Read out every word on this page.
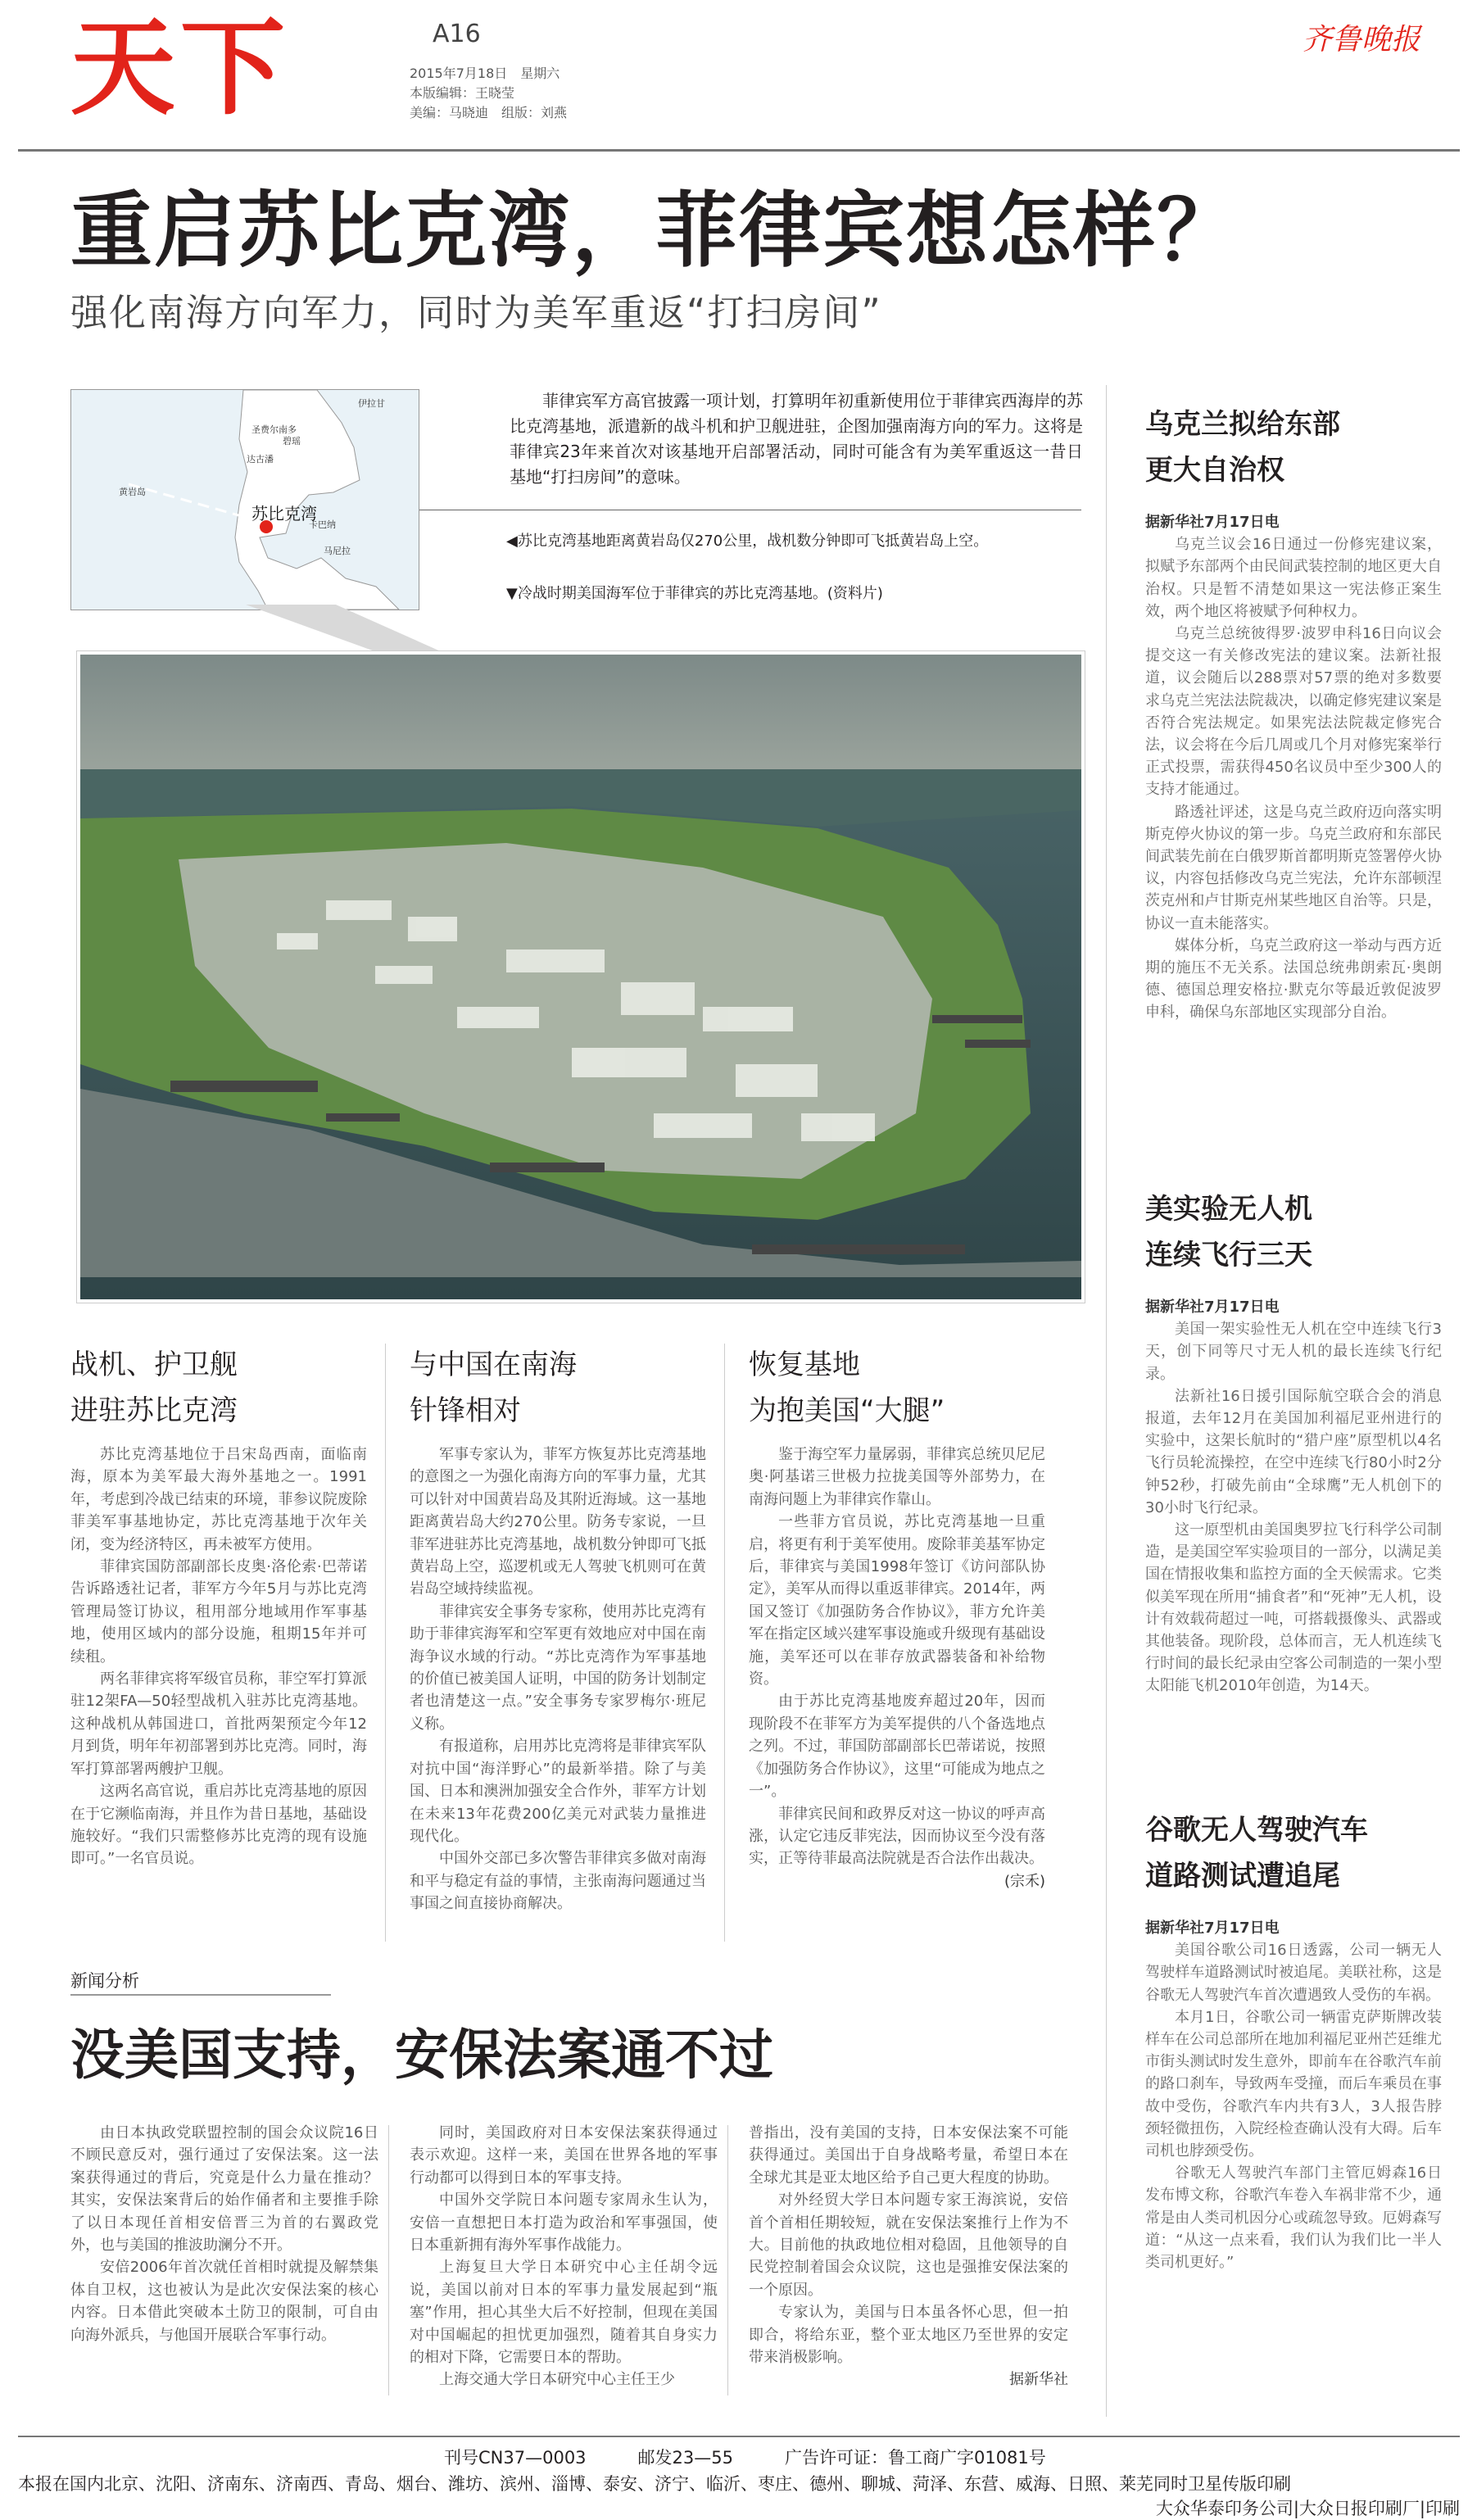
天下	A16
2015年7月18日　星期六
本版编辑：王晓莹
美编：马晓迪　组版：刘燕
齐鲁晚报
重启苏比克湾，菲律宾想怎样？
强化南海方向军力，同时为美军重返“打扫房间”
伊拉甘
圣费尔南多
碧瑶
达古潘
黄岩岛
苏比克湾
卡巴纳
马尼拉
菲律宾军方高官披露一项计划，打算明年初重新使用位于菲律宾西海岸的苏比克湾基地，派遣新的战斗机和护卫舰进驻，企图加强南海方向的军力。这将是菲律宾23年来首次对该基地开启部署活动，同时可能含有为美军重返这一昔日基地“打扫房间”的意味。
◀苏比克湾基地距离黄岩岛仅270公里，战机数分钟即可飞抵黄岩岛上空。
▼冷战时期美国海军位于菲律宾的苏比克湾基地。(资料片)
战机、护卫舰
进驻苏比克湾

苏比克湾基地位于吕宋岛西南，面临南海，原本为美军最大海外基地之一。1991年，考虑到冷战已结束的环境，菲参议院废除菲美军事基地协定，苏比克湾基地于次年关闭，变为经济特区，再未被军方使用。

菲律宾国防部副部长皮奥·洛伦索·巴蒂诺告诉路透社记者，菲军方今年5月与苏比克湾管理局签订协议，租用部分地域用作军事基地，使用区域内的部分设施，租期15年并可续租。

两名菲律宾将军级官员称，菲空军打算派驻12架FA—50轻型战机入驻苏比克湾基地。这种战机从韩国进口，首批两架预定今年12月到货，明年年初部署到苏比克湾。同时，海军打算部署两艘护卫舰。

这两名高官说，重启苏比克湾基地的原因在于它濒临南海，并且作为昔日基地，基础设施较好。“我们只需整修苏比克湾的现有设施即可。”一名官员说。

与中国在南海
针锋相对

军事专家认为，菲军方恢复苏比克湾基地的意图之一为强化南海方向的军事力量，尤其可以针对中国黄岩岛及其附近海域。这一基地距离黄岩岛大约270公里。防务专家说，一旦菲军进驻苏比克湾基地，战机数分钟即可飞抵黄岩岛上空，巡逻机或无人驾驶飞机则可在黄岩岛空域持续监视。

菲律宾安全事务专家称，使用苏比克湾有助于菲律宾海军和空军更有效地应对中国在南海争议水域的行动。“苏比克湾作为军事基地的价值已被美国人证明，中国的防务计划制定者也清楚这一点。”安全事务专家罗梅尔·班尼义称。

有报道称，启用苏比克湾将是菲律宾军队对抗中国“海洋野心”的最新举措。除了与美国、日本和澳洲加强安全合作外，菲军方计划在未来13年花费200亿美元对武装力量推进现代化。

中国外交部已多次警告菲律宾多做对南海和平与稳定有益的事情，主张南海问题通过当事国之间直接协商解决。

恢复基地
为抱美国“大腿”

鉴于海空军力量孱弱，菲律宾总统贝尼尼奥·阿基诺三世极力拉拢美国等外部势力，在南海问题上为菲律宾作靠山。

一些菲方官员说，苏比克湾基地一旦重启，将更有利于美军使用。废除菲美基军协定后，菲律宾与美国1998年签订《访问部队协定》，美军从而得以重返菲律宾。2014年，两国又签订《加强防务合作协议》，菲方允许美军在指定区域兴建军事设施或升级现有基础设施，美军还可以在菲存放武器装备和补给物资。

由于苏比克湾基地废弃超过20年，因而现阶段不在菲军方为美军提供的八个备选地点之列。不过，菲国防部副部长巴蒂诺说，按照《加强防务合作协议》，这里“可能成为地点之一”。

菲律宾民间和政界反对这一协议的呼声高涨，认定它违反菲宪法，因而协议至今没有落实，正等待菲最高法院就是否合法作出裁决。

(宗禾)
乌克兰拟给东部
更大自治权
据新华社7月17日电

乌克兰议会16日通过一份修宪建议案，拟赋予东部两个由民间武装控制的地区更大自治权。只是暂不清楚如果这一宪法修正案生效，两个地区将被赋予何种权力。

乌克兰总统彼得罗·波罗申科16日向议会提交这一有关修改宪法的建议案。法新社报道，议会随后以288票对57票的绝对多数要求乌克兰宪法法院裁决，以确定修宪建议案是否符合宪法规定。如果宪法法院裁定修宪合法，议会将在今后几周或几个月对修宪案举行正式投票，需获得450名议员中至少300人的支持才能通过。

路透社评述，这是乌克兰政府迈向落实明斯克停火协议的第一步。乌克兰政府和东部民间武装先前在白俄罗斯首都明斯克签署停火协议，内容包括修改乌克兰宪法，允许东部顿涅茨克州和卢甘斯克州某些地区自治等。只是，协议一直未能落实。

媒体分析，乌克兰政府这一举动与西方近期的施压不无关系。法国总统弗朗索瓦·奥朗德、德国总理安格拉·默克尔等最近敦促波罗申科，确保乌东部地区实现部分自治。

美实验无人机
连续飞行三天
据新华社7月17日电

美国一架实验性无人机在空中连续飞行3天，创下同等尺寸无人机的最长连续飞行纪录。

法新社16日援引国际航空联合会的消息报道，去年12月在美国加利福尼亚州进行的实验中，这架长航时的“猎户座”原型机以4名飞行员轮流操控，在空中连续飞行80小时2分钟52秒，打破先前由“全球鹰”无人机创下的30小时飞行纪录。

这一原型机由美国奥罗拉飞行科学公司制造，是美国空军实验项目的一部分，以满足美国在情报收集和监控方面的全天候需求。它类似美军现在所用“捕食者”和“死神”无人机，设计有效载荷超过一吨，可搭载摄像头、武器或其他装备。现阶段，总体而言，无人机连续飞行时间的最长纪录由空客公司制造的一架小型太阳能飞机2010年创造，为14天。

谷歌无人驾驶汽车
道路测试遭追尾
据新华社7月17日电

美国谷歌公司16日透露，公司一辆无人驾驶样车道路测试时被追尾。美联社称，这是谷歌无人驾驶汽车首次遭遇致人受伤的车祸。

本月1日，谷歌公司一辆雷克萨斯牌改装样车在公司总部所在地加利福尼亚州芒廷维尤市街头测试时发生意外，即前车在谷歌汽车前的路口刹车，导致两车受撞，而后车乘员在事故中受伤，谷歌汽车内共有3人，3人报告脖颈轻微扭伤，入院经检查确认没有大碍。后车司机也脖颈受伤。

谷歌无人驾驶汽车部门主管厄姆森16日发布博文称，谷歌汽车卷入车祸非常不少，通常是由人类司机因分心或疏忽导致。厄姆森写道：“从这一点来看，我们认为我们比一半人类司机更好。”

新闻分析
没美国支持，安保法案通不过

由日本执政党联盟控制的国会众议院16日不顾民意反对，强行通过了安保法案。这一法案获得通过的背后，究竟是什么力量在推动？其实，安保法案背后的始作俑者和主要推手除了以日本现任首相安倍晋三为首的右翼政党外，也与美国的推波助澜分不开。

安倍2006年首次就任首相时就提及解禁集体自卫权，这也被认为是此次安保法案的核心内容。日本借此突破本土防卫的限制，可自由向海外派兵，与他国开展联合军事行动。

同时，美国政府对日本安保法案获得通过表示欢迎。这样一来，美国在世界各地的军事行动都可以得到日本的军事支持。

中国外交学院日本问题专家周永生认为，安倍一直想把日本打造为政治和军事强国，使日本重新拥有海外军事作战能力。

上海复旦大学日本研究中心主任胡令远说，美国以前对日本的军事力量发展起到“瓶塞”作用，担心其坐大后不好控制，但现在美国对中国崛起的担忧更加强烈，随着其自身实力的相对下降，它需要日本的帮助。

上海交通大学日本研究中心主任王少

普指出，没有美国的支持，日本安保法案不可能获得通过。美国出于自身战略考量，希望日本在全球尤其是亚太地区给予自己更大程度的协助。

对外经贸大学日本问题专家王海滨说，安倍首个首相任期较短，就在安保法案推行上作为不大。目前他的执政地位相对稳固，且他领导的自民党控制着国会众议院，这也是强推安保法案的一个原因。

专家认为，美国与日本虽各怀心思，但一拍即合，将给东亚，整个亚太地区乃至世界的安定带来消极影响。

据新华社
刊号CN37—0003　　　邮发23—55　　　广告许可证：鲁工商广字01081号
本报在国内北京、沈阳、济南东、济南西、青岛、烟台、潍坊、滨州、淄博、泰安、济宁、临沂、枣庄、德州、聊城、菏泽、东营、威海、日照、莱芜同时卫星传版印刷
大众华泰印务公司|大众日报印刷厂|印刷
